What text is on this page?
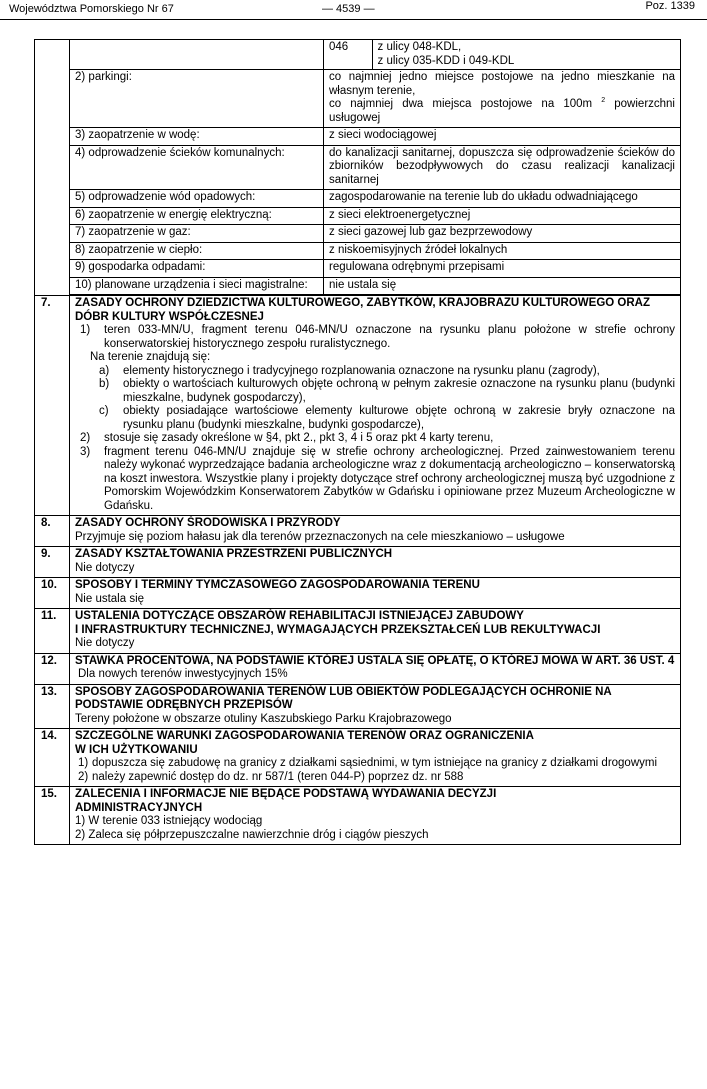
Województwa Pomorskiego Nr 67	— 4539 —	Poz. 1339

046	z ulicy 048-KDL,
z ulicy 035-KDD i 049-KDL

2) parkingi:	co najmniej jedno miejsce postojowe na jedno mieszkanie na własnym terenie,
co najmniej dwa miejsca postojowe na 100m $^2$ powierzchni usługowej

3) zaopatrzenie w wodę:	z sieci wodociągowej
4) odprowadzenie ścieków komunalnych:	do kanalizacji sanitarnej, dopuszcza się odprowadzenie ścieków do zbiorników bezodpływowych do czasu realizacji kanalizacji sanitarnej
5) odprowadzenie wód opadowych:	zagospodarowanie na terenie lub do układu odwadniającego
6) zaopatrzenie w energię elektryczną:	z sieci elektroenergetycznej
7) zaopatrzenie w gaz:	z sieci gazowej lub gaz bezprzewodowy
8) zaopatrzenie w ciepło:	z niskoemisyjnych źródeł lokalnych
9) gospodarka odpadami:	regulowana odrębnymi przepisami
10) planowane urządzenia i sieci magistralne:	nie ustala się

7.	ZASADY OCHRONY DZIEDZICTWA KULTUROWEGO, ZABYTKÓW, KRAJOBRAZU KULTUROWEGO ORAZ DÓBR KULTURY WSPÓŁCZESNEJ
1)	teren 033-MN/U, fragment terenu 046-MN/U oznaczone na rysunku planu położone w strefie ochrony konserwatorskiej historycznego zespołu ruralistycznego.
Na terenie znajdują się:
a)	elementy historycznego i tradycyjnego rozplanowania oznaczone na rysunku planu (zagrody),
b)	obiekty o wartościach kulturowych objęte ochroną w pełnym zakresie oznaczone na rysunku planu (budynki mieszkalne, budynek gospodarczy),
c)	obiekty posiadające wartościowe elementy kulturowe objęte ochroną w zakresie bryły oznaczone na rysunku planu (budynki mieszkalne, budynki gospodarcze),
2)	stosuje się zasady określone w §4, pkt 2., pkt 3, 4 i 5 oraz pkt 4 karty terenu,
3)	fragment terenu 046-MN/U znajduje się w strefie ochrony archeologicznej. Przed zainwestowaniem terenu należy wykonać wyprzedzające badania archeologiczne wraz z dokumentacją archeologiczno – konserwatorską na koszt inwestora. Wszystkie plany i projekty dotyczące stref ochrony archeologicznej muszą być uzgodnione z Pomorskim Wojewódzkim Konserwatorem Zabytków w Gdańsku i opiniowane przez Muzeum Archeologiczne w Gdańsku.

8.	ZASADY OCHRONY ŚRODOWISKA I PRZYRODY
Przyjmuje się poziom hałasu jak dla terenów przeznaczonych na cele mieszkaniowo – usługowe

9.	ZASADY KSZTAŁTOWANIA PRZESTRZENI PUBLICZNYCH
Nie dotyczy

10.	SPOSOBY I TERMINY TYMCZASOWEGO ZAGOSPODAROWANIA TERENU
Nie ustala się

11.	USTALENIA DOTYCZĄCE OBSZARÓW REHABILITACJI ISTNIEJĄCEJ ZABUDOWY
I INFRASTRUKTURY TECHNICZNEJ, WYMAGAJĄCYCH PRZEKSZTAŁCEŃ LUB REKULTYWACJI
Nie dotyczy

12.	STAWKA PROCENTOWA, NA PODSTAWIE KTÓREJ USTALA SIĘ OPŁATĘ, O KTÓREJ MOWA W ART. 36 UST. 4
Dla nowych terenów inwestycyjnych 15%

13.	SPOSOBY ZAGOSPODAROWANIA TERENÓW LUB OBIEKTÓW PODLEGAJĄCYCH OCHRONIE NA PODSTAWIE ODRĘBNYCH PRZEPISÓW
Tereny położone w obszarze otuliny Kaszubskiego Parku Krajobrazowego

14.	SZCZEGÓLNE WARUNKI ZAGOSPODAROWANIA TERENÓW ORAZ OGRANICZENIA
W ICH UŻYTKOWANIU
1) dopuszcza się zabudowę na granicy z działkami sąsiednimi, w tym istniejące na granicy z działkami drogowymi
2) należy zapewnić dostęp do dz. nr 587/1 (teren 044-P) poprzez dz. nr 588

15.	ZALECENIA I INFORMACJE NIE BĘDĄCE PODSTAWĄ WYDAWANIA DECYZJI
ADMINISTRACYJNYCH
1) W terenie 033 istniejący wodociąg
2) Zaleca się półprzepuszczalne nawierzchnie dróg i ciągów pieszych
